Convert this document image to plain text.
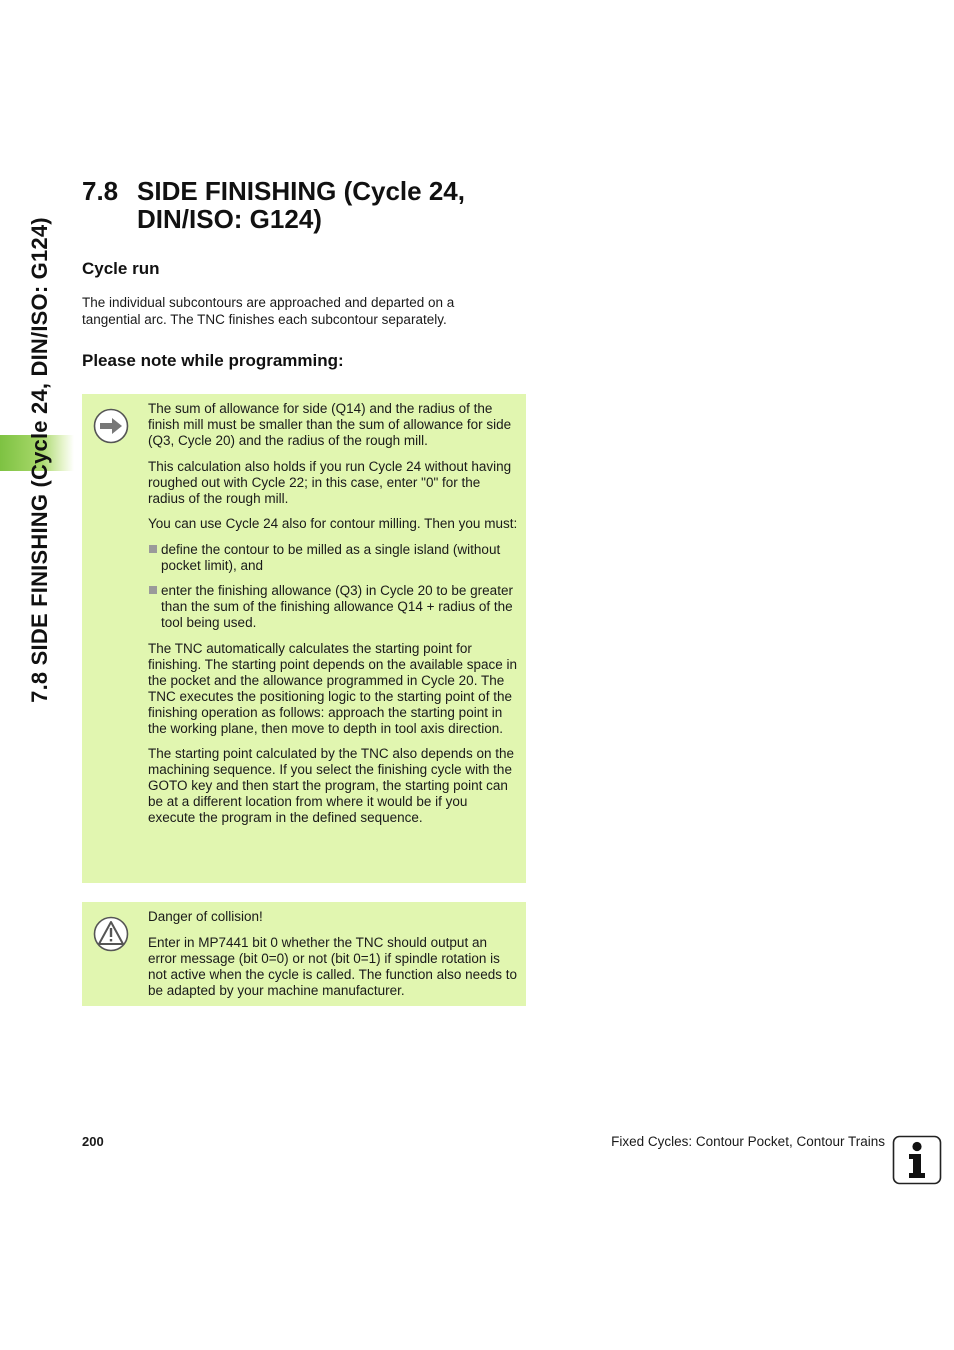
7.8 SIDE FINISHING (Cycle 24, DIN/ISO: G124)
7.8 SIDE FINISHING (Cycle 24,
DIN/ISO: G124)
Cycle run

The individual subcontours are approached and departed on a tangential arc. The TNC finishes each subcontour separately.

Please note while programming:

The sum of allowance for side (Q14) and the radius of the finish mill must be smaller than the sum of allowance for side (Q3, Cycle 20) and the radius of the rough mill.

This calculation also holds if you run Cycle 24 without having roughed out with Cycle 22; in this case, enter "0" for the radius of the rough mill.

You can use Cycle 24 also for contour milling. Then you must:

define the contour to be milled as a single island (without pocket limit), and
enter the finishing allowance (Q3) in Cycle 20 to be greater than the sum of the finishing allowance Q14 + radius of the tool being used.

The TNC automatically calculates the starting point for finishing. The starting point depends on the available space in the pocket and the allowance programmed in Cycle 20. The TNC executes the positioning logic to the starting point of the finishing operation as follows: approach the starting point in the working plane, then move to depth in tool axis direction.

The starting point calculated by the TNC also depends on the machining sequence. If you select the finishing cycle with the GOTO key and then start the program, the starting point can be at a different location from where it would be if you execute the program in the defined sequence.

Danger of collision!

Enter in MP7441 bit 0 whether the TNC should output an error message (bit 0=0) or not (bit 0=1) if spindle rotation is not active when the cycle is called. The function also needs to be adapted by your machine manufacturer.

200	Fixed Cycles: Contour Pocket, Contour Trains
